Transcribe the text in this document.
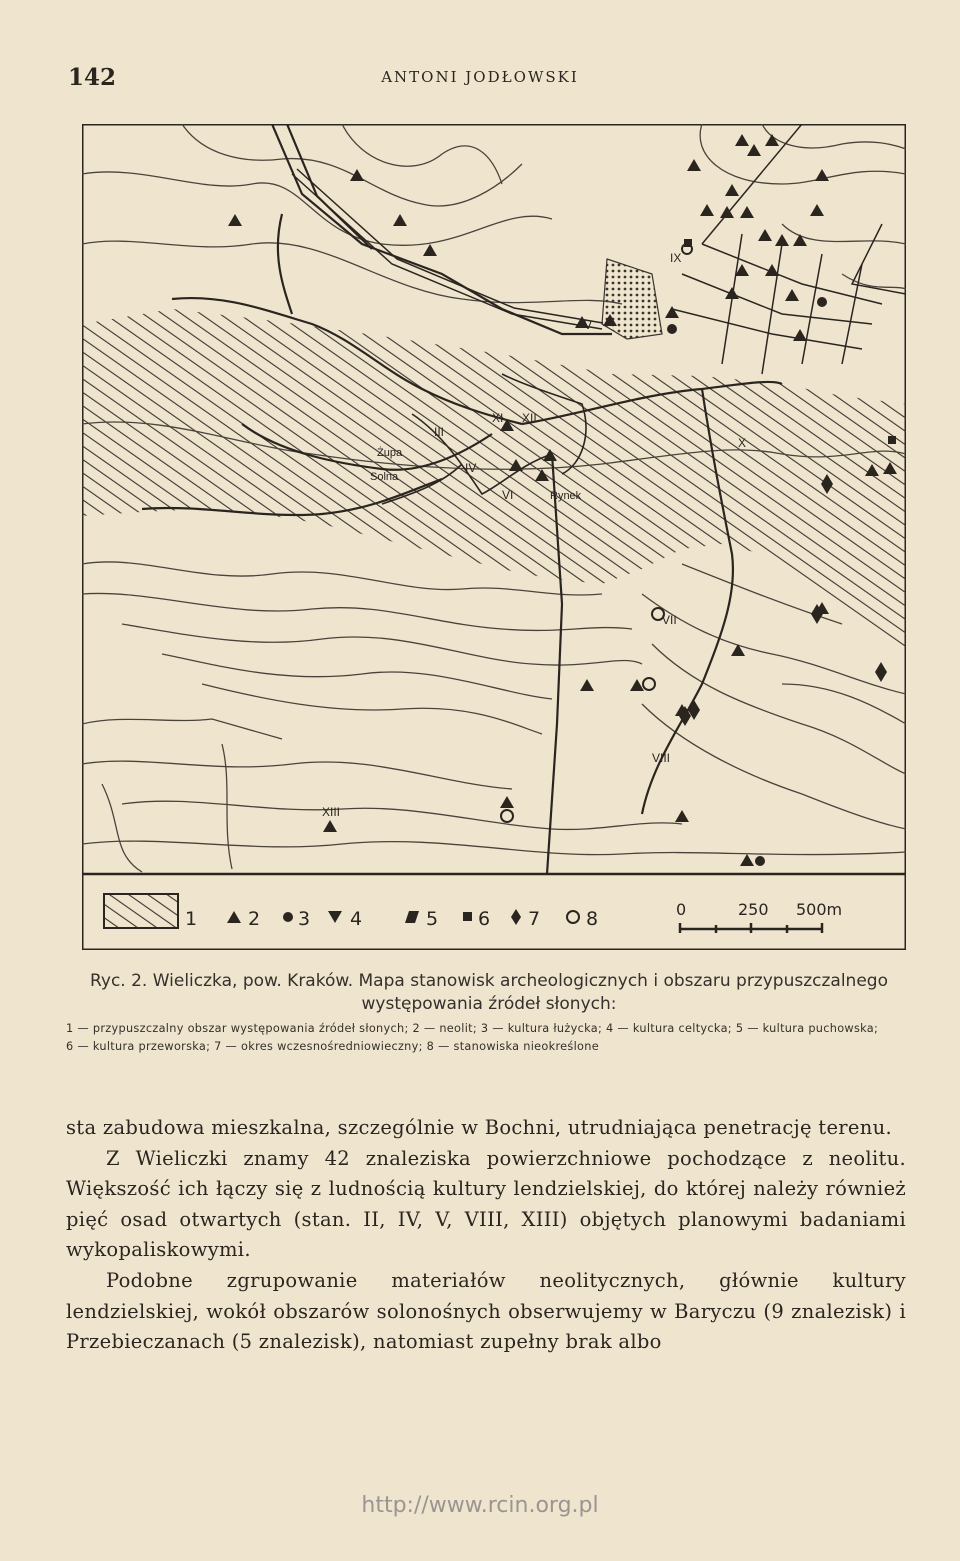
142	ANTONI JODŁOWSKI
IX
V
X
XI XII
III
IV
VI
VII
VIII
XIII
Żupa
Solna
Rynek
1	2 3 4	5 6 7 8	0	250 500m

Ryc. 2. Wieliczka, pow. Kraków. Mapa stanowisk archeologicznych i obszaru przypuszczalnego występowania źródeł słonych:

1 — przypuszczalny obszar występowania źródeł słonych; 2 — neolit; 3 — kultura łużycka; 4 — kultura celtycka; 5 — kultura puchowska; 6 — kultura przeworska; 7 — okres wczesnośredniowieczny; 8 — stanowiska nieokreślone

sta zabudowa mieszkalna, szczególnie w Bochni, utrudniająca penetrację terenu.

Z Wieliczki znamy 42 znaleziska powierzchniowe pochodzące z neolitu. Większość ich łączy się z ludnością kultury lendzielskiej, do której należy również pięć osad otwartych (stan. II, IV, V, VIII, XIII) objętych planowymi badaniami wykopaliskowymi.

Podobne zgrupowanie materiałów neolitycznych, głównie kultury lendzielskiej, wokół obszarów solonośnych obserwujemy w Baryczu (9 znalezisk) i Przebieczanach (5 znalezisk), natomiast zupełny brak albo

http://www.rcin.org.pl
